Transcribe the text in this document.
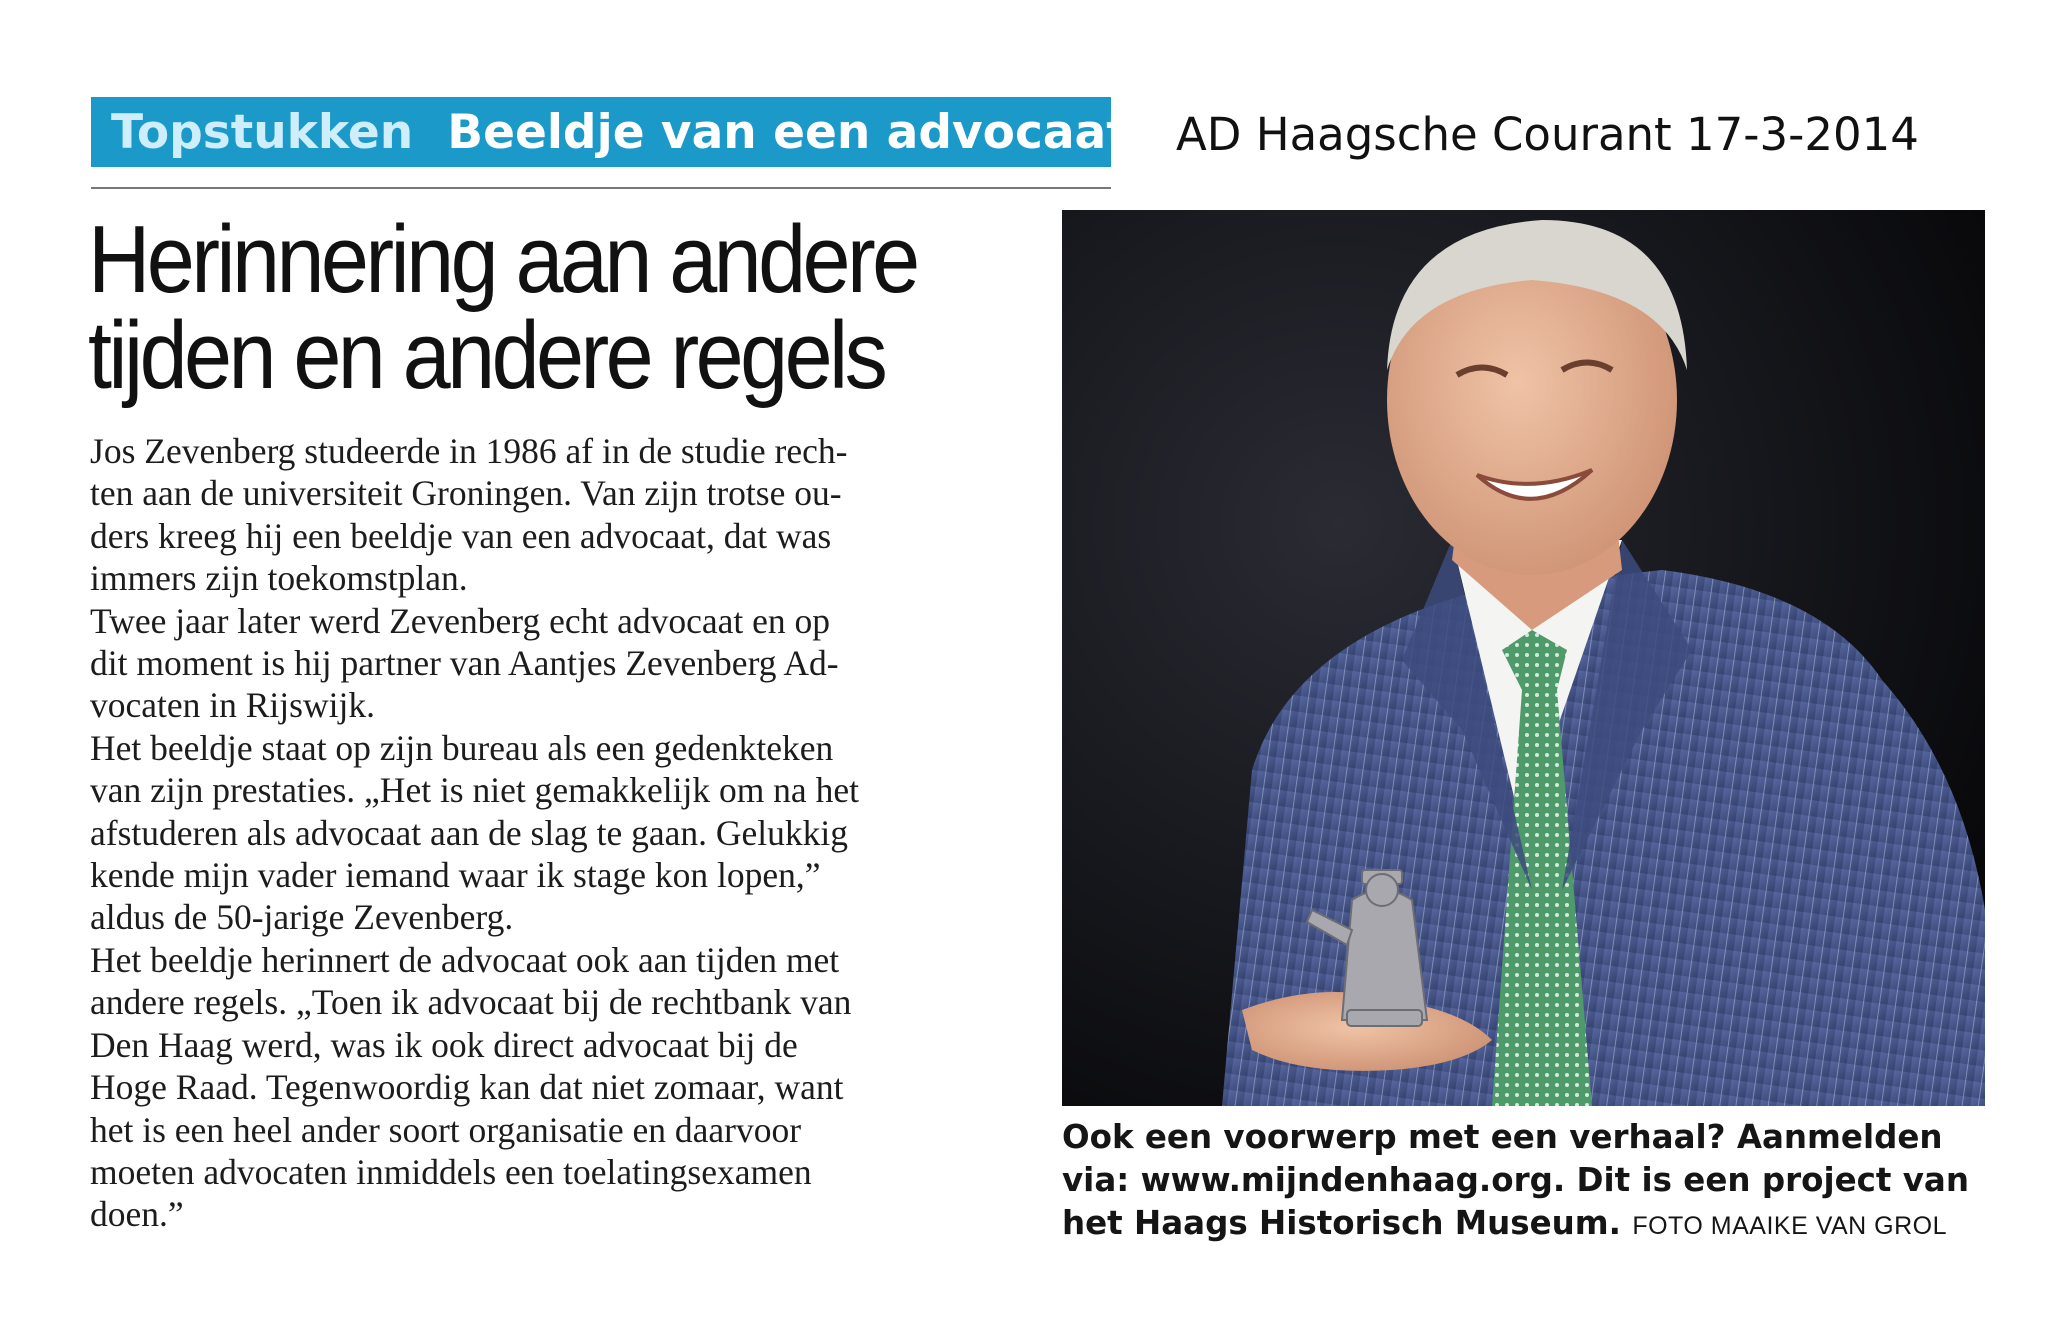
Topstukken Beeldje van een advocaat AD Haagsche Courant 17-3-2014
Herinnering aan andere
tijden en andere regels
Jos Zevenberg studeerde in 1986 af in de studie rech-
ten aan de universiteit Groningen. Van zijn trotse ou-
ders kreeg hij een beeldje van een advocaat, dat was
immers zijn toekomstplan.
Twee jaar later werd Zevenberg echt advocaat en op
dit moment is hij partner van Aantjes Zevenberg Ad-
vocaten in Rijswijk.
Het beeldje staat op zijn bureau als een gedenkteken
van zijn prestaties. „Het is niet gemakkelijk om na het
afstuderen als advocaat aan de slag te gaan. Gelukkig
kende mijn vader iemand waar ik stage kon lopen,”
aldus de 50-jarige Zevenberg.
Het beeldje herinnert de advocaat ook aan tijden met
andere regels. „Toen ik advocaat bij de rechtbank van
Den Haag werd, was ik ook direct advocaat bij de
Hoge Raad. Tegenwoordig kan dat niet zomaar, want
het is een heel ander soort organisatie en daarvoor
moeten advocaten inmiddels een toelatingsexamen
doen.”
Ook een voorwerp met een verhaal? Aanmelden
via: www.mijndenhaag.org. Dit is een project van
het Haags Historisch Museum. FOTO MAAIKE VAN GROL
